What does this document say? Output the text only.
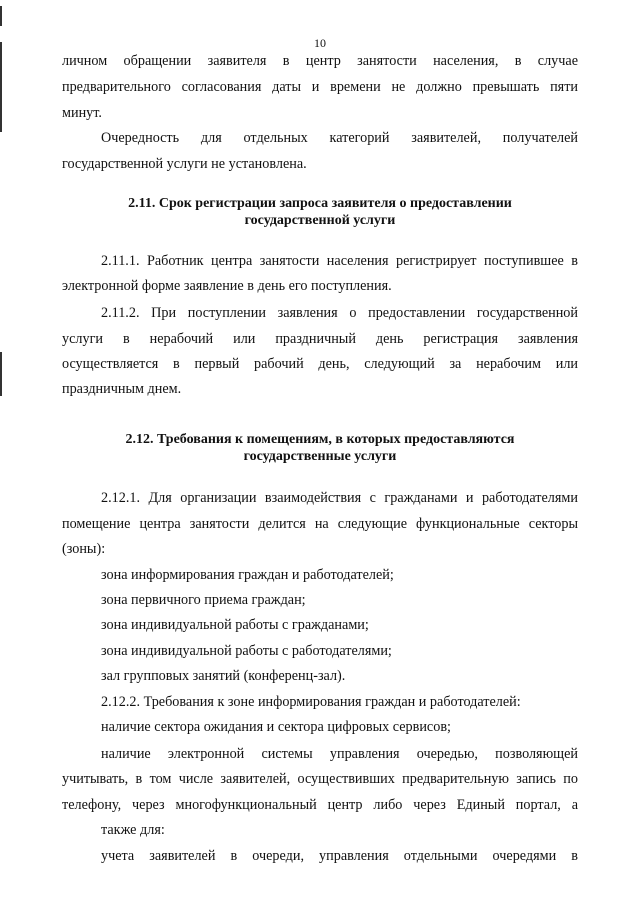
10
личном обращении заявителя в центр занятости населения, в случае
предварительного согласования даты и времени не должно превышать пяти
минут.
Очередность для отдельных категорий заявителей, получателей
государственной услуги не установлена.
2.11. Срок регистрации запроса заявителя о предоставлении
государственной услуги
2.11.1. Работник центра занятости населения регистрирует поступившее в
электронной форме заявление в день его поступления.
2.11.2. При поступлении заявления о предоставлении государственной
услуги в нерабочий или праздничный день регистрация заявления
осуществляется в первый рабочий день, следующий за нерабочим или
праздничным днем.
2.12. Требования к помещениям, в которых предоставляются
государственные услуги
2.12.1. Для организации взаимодействия с гражданами и работодателями
помещение центра занятости делится на следующие функциональные секторы
(зоны):
зона информирования граждан и работодателей;
зона первичного приема граждан;
зона индивидуальной работы с гражданами;
зона индивидуальной работы с работодателями;
зал групповых занятий (конференц-зал).
2.12.2. Требования к зоне информирования граждан и работодателей:
наличие сектора ожидания и сектора цифровых сервисов;
наличие электронной системы управления очередью, позволяющей
учитывать, в том числе заявителей, осуществивших предварительную запись по
телефону, через многофункциональный центр либо через Единый портал, а
также для:
учета заявителей в очереди, управления отдельными очередями в
